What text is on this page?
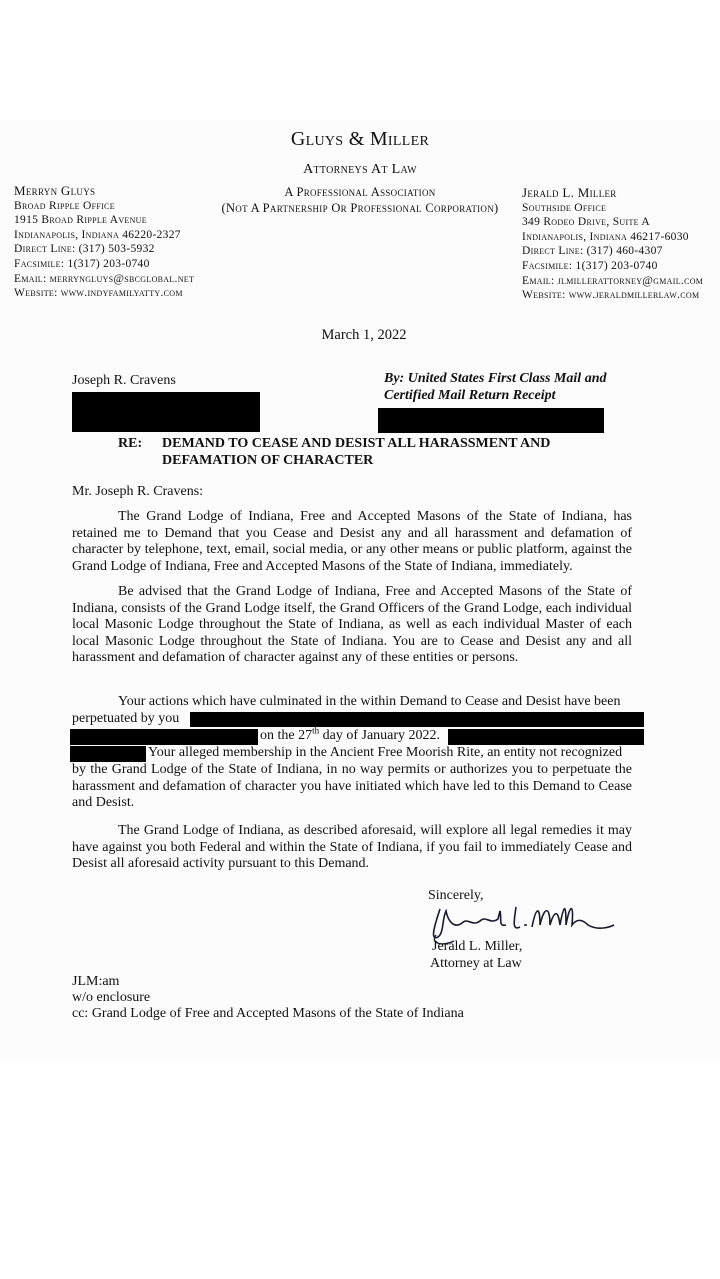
Gluys & Miller
Attorneys At Law
A Professional Association
(Not A Partnership Or Professional Corporation)
Merryn Gluys
Broad Ripple Office
1915 Broad Ripple Avenue
Indianapolis, Indiana 46220-2327
Direct Line: (317) 503-5932
Facsimile: 1(317) 203-0740
Email: merryngluys@sbcglobal.net
Website: www.indyfamilyatty.com
Jerald L. Miller
Southside Office
349 Rodeo Drive, Suite A
Indianapolis, Indiana 46217-6030
Direct Line: (317) 460-4307
Facsimile: 1(317) 203-0740
Email: jlmillerattorney@gmail.com
Website: www.jeraldmillerlaw.com
March 1, 2022
Joseph R. Cravens	By: United States First Class Mail and
Certified Mail Return Receipt
RE: DEMAND TO CEASE AND DESIST ALL HARASSMENT AND
DEFAMATION OF CHARACTER
Mr. Joseph R. Cravens:
The Grand Lodge of Indiana, Free and Accepted Masons of the State of Indiana, has retained me to Demand that you Cease and Desist any and all harassment and defamation of character by telephone, text, email, social media, or any other means or public platform, against the Grand Lodge of Indiana, Free and Accepted Masons of the State of Indiana, immediately.
Be advised that the Grand Lodge of Indiana, Free and Accepted Masons of the State of Indiana, consists of the Grand Lodge itself, the Grand Officers of the Grand Lodge, each individual local Masonic Lodge throughout the State of Indiana, as well as each individual Master of each local Masonic Lodge throughout the State of Indiana. You are to Cease and Desist any and all harassment and defamation of character against any of these entities or persons.
Your actions which have culminated in the within Demand to Cease and Desist have been
perpetuated by you
on the 27th day of January 2022.
Your alleged membership in the Ancient Free Moorish Rite, an entity not recognized
by the Grand Lodge of the State of Indiana, in no way permits or authorizes you to perpetuate the harassment and defamation of character you have initiated which have led to this Demand to Cease and Desist.
The Grand Lodge of Indiana, as described aforesaid, will explore all legal remedies it may have against you both Federal and within the State of Indiana, if you fail to immediately Cease and Desist all aforesaid activity pursuant to this Demand.
Sincerely,
Jerald L. Miller,
Attorney at Law
JLM:am
w/o enclosure
cc: Grand Lodge of Free and Accepted Masons of the State of Indiana
